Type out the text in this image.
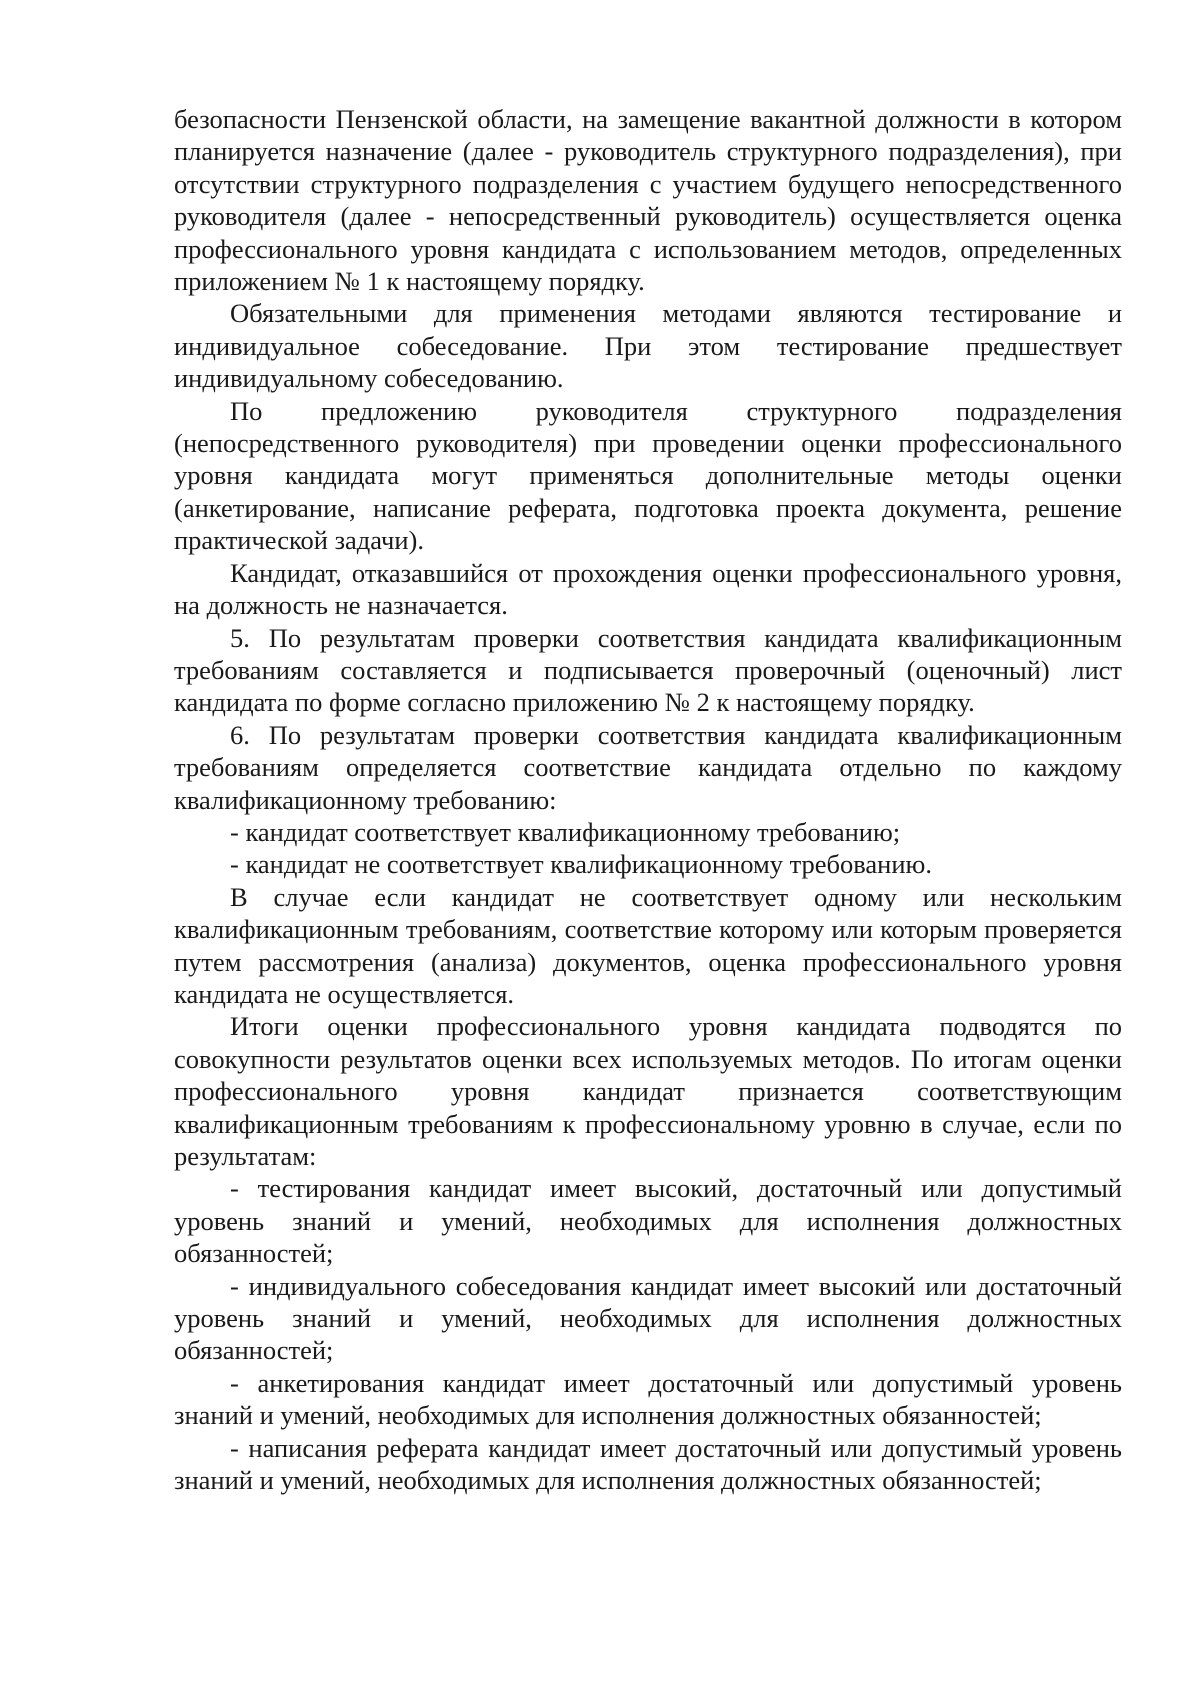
безопасности Пензенской области, на замещение вакантной должности в котором планируется назначение (далее - руководитель структурного подразделения), при отсутствии структурного подразделения с участием будущего непосредственного руководителя (далее - непосредственный руководитель) осуществляется оценка профессионального уровня кандидата с использованием методов, определенных приложением № 1 к настоящему порядку.

Обязательными для применения методами являются тестирование и индивидуальное собеседование. При этом тестирование предшествует индивидуальному собеседованию.

По предложению руководителя структурного подразделения (непосредственного руководителя) при проведении оценки профессионального уровня кандидата могут применяться дополнительные методы оценки (анкетирование, написание реферата, подготовка проекта документа, решение практической задачи).

Кандидат, отказавшийся от прохождения оценки профессионального уровня, на должность не назначается.

5. По результатам проверки соответствия кандидата квалификационным требованиям составляется и подписывается проверочный (оценочный) лист кандидата по форме согласно приложению № 2 к настоящему порядку.

6. По результатам проверки соответствия кандидата квалификационным требованиям определяется соответствие кандидата отдельно по каждому квалификационному требованию:

- кандидат соответствует квалификационному требованию;

- кандидат не соответствует квалификационному требованию.

В случае если кандидат не соответствует одному или нескольким квалификационным требованиям, соответствие которому или которым проверяется путем рассмотрения (анализа) документов, оценка профессионального уровня кандидата не осуществляется.

Итоги оценки профессионального уровня кандидата подводятся по совокупности результатов оценки всех используемых методов. По итогам оценки профессионального уровня кандидат признается соответствующим квалификационным требованиям к профессиональному уровню в случае, если по результатам:

- тестирования кандидат имеет высокий, достаточный или допустимый уровень знаний и умений, необходимых для исполнения должностных обязанностей;

- индивидуального собеседования кандидат имеет высокий или достаточный уровень знаний и умений, необходимых для исполнения должностных обязанностей;

- анкетирования кандидат имеет достаточный или допустимый уровень знаний и умений, необходимых для исполнения должностных обязанностей;

- написания реферата кандидат имеет достаточный или допустимый уровень знаний и умений, необходимых для исполнения должностных обязанностей;
